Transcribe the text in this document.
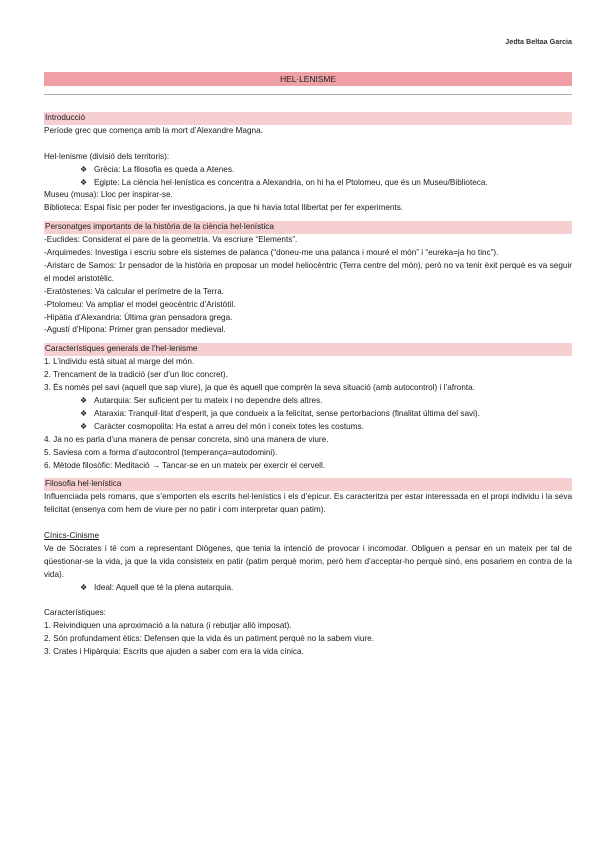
Jedta Beltaa Garcia
HEL·LENISME
Introducció

Període grec que comença amb la mort d’Alexandre Magna.

Hel·lenisme (divisió dels territoris):

❖ Grècia: La filosofia es queda a Atenes.
❖ Egipte: La ciència hel·lenística es concentra a Alexandria, on hi ha el Ptolomeu, que és un Museu/Biblioteca.

Museu (musa): Lloc per inspirar-se.

Biblioteca: Espai físic per poder fer investigacions, ja que hi havia total llibertat per fer experiments.

Personatges importants de la història de la ciència hel·lenística

-Euclides: Considerat el pare de la geometria. Va escriure “Elements”.

-Arquimedes: Investiga i escriu sobre els sistemes de palanca (“doneu-me una palanca i mouré el món” i “eureka=ja ho tinc”).

-Aristarc de Samos: 1r pensador de la història en proposar un model heliocèntric (Terra centre del món), però no va tenir èxit perquè es va seguir el model aristotèlic.

-Eratòstenes: Va calcular el perímetre de la Terra.

-Ptolomeu: Va ampliar el model geocèntric d’Aristòtil.

-Hipàtia d’Alexandria: Última gran pensadora grega.

-Agustí d’Hipona: Primer gran pensador medieval.

Característiques generals de l’hel·lenisme

1. L’individu està situat al marge del món.

2. Trencament de la tradició (ser d’un lloc concret).

3. És només pel savi (aquell que sap viure), ja que és aquell que comprèn la seva situació (amb autocontrol) i l’afronta.

❖ Autarquia: Ser suficient per tu mateix i no dependre dels altres.
❖ Ataraxia: Tranquil·litat d’esperit, ja que condueix a la felicitat, sense pertorbacions (finalitat última del savi).
❖ Caràcter cosmopolita: Ha estat a arreu del món i coneix totes les costums.

4. Ja no es parla d’una manera de pensar concreta, sinó una manera de viure.

5. Saviesa com a forma d’autocontrol (temperança=autodomini).

6. Mètode filosòfic: Meditació → Tancar-se en un mateix per exercir el cervell.

Filosofia hel·lenística

Influenciada pels romans, que s’emporten els escrits hel·lenístics i els d’epicur. Es caracteritza per estar interessada en el propi individu i la seva felicitat (ensenya com hem de viure per no patir i com interpretar quan patim).

Cínics-Cinisme

Ve de Sòcrates i té com a representant Diògenes, que tenia la intenció de provocar i incomodar. Obliguen a pensar en un mateix per tal de qüestionar-se la vida, ja que la vida consisteix en patir (patim perquè morim, però hem d’acceptar-ho perquè sinó, ens posariem en contra de la vida).

❖ Ideal: Aquell que té la plena autarquia.

Característiques:

1. Reivindiquen una aproximació a la natura (i rebutjar allò imposat).

2. Són profundament ètics: Defensen que la vida és un patiment perquè no la sabem viure.

3. Crates i Hipàrquia: Escrits que ajuden a saber com era la vida cínica.
